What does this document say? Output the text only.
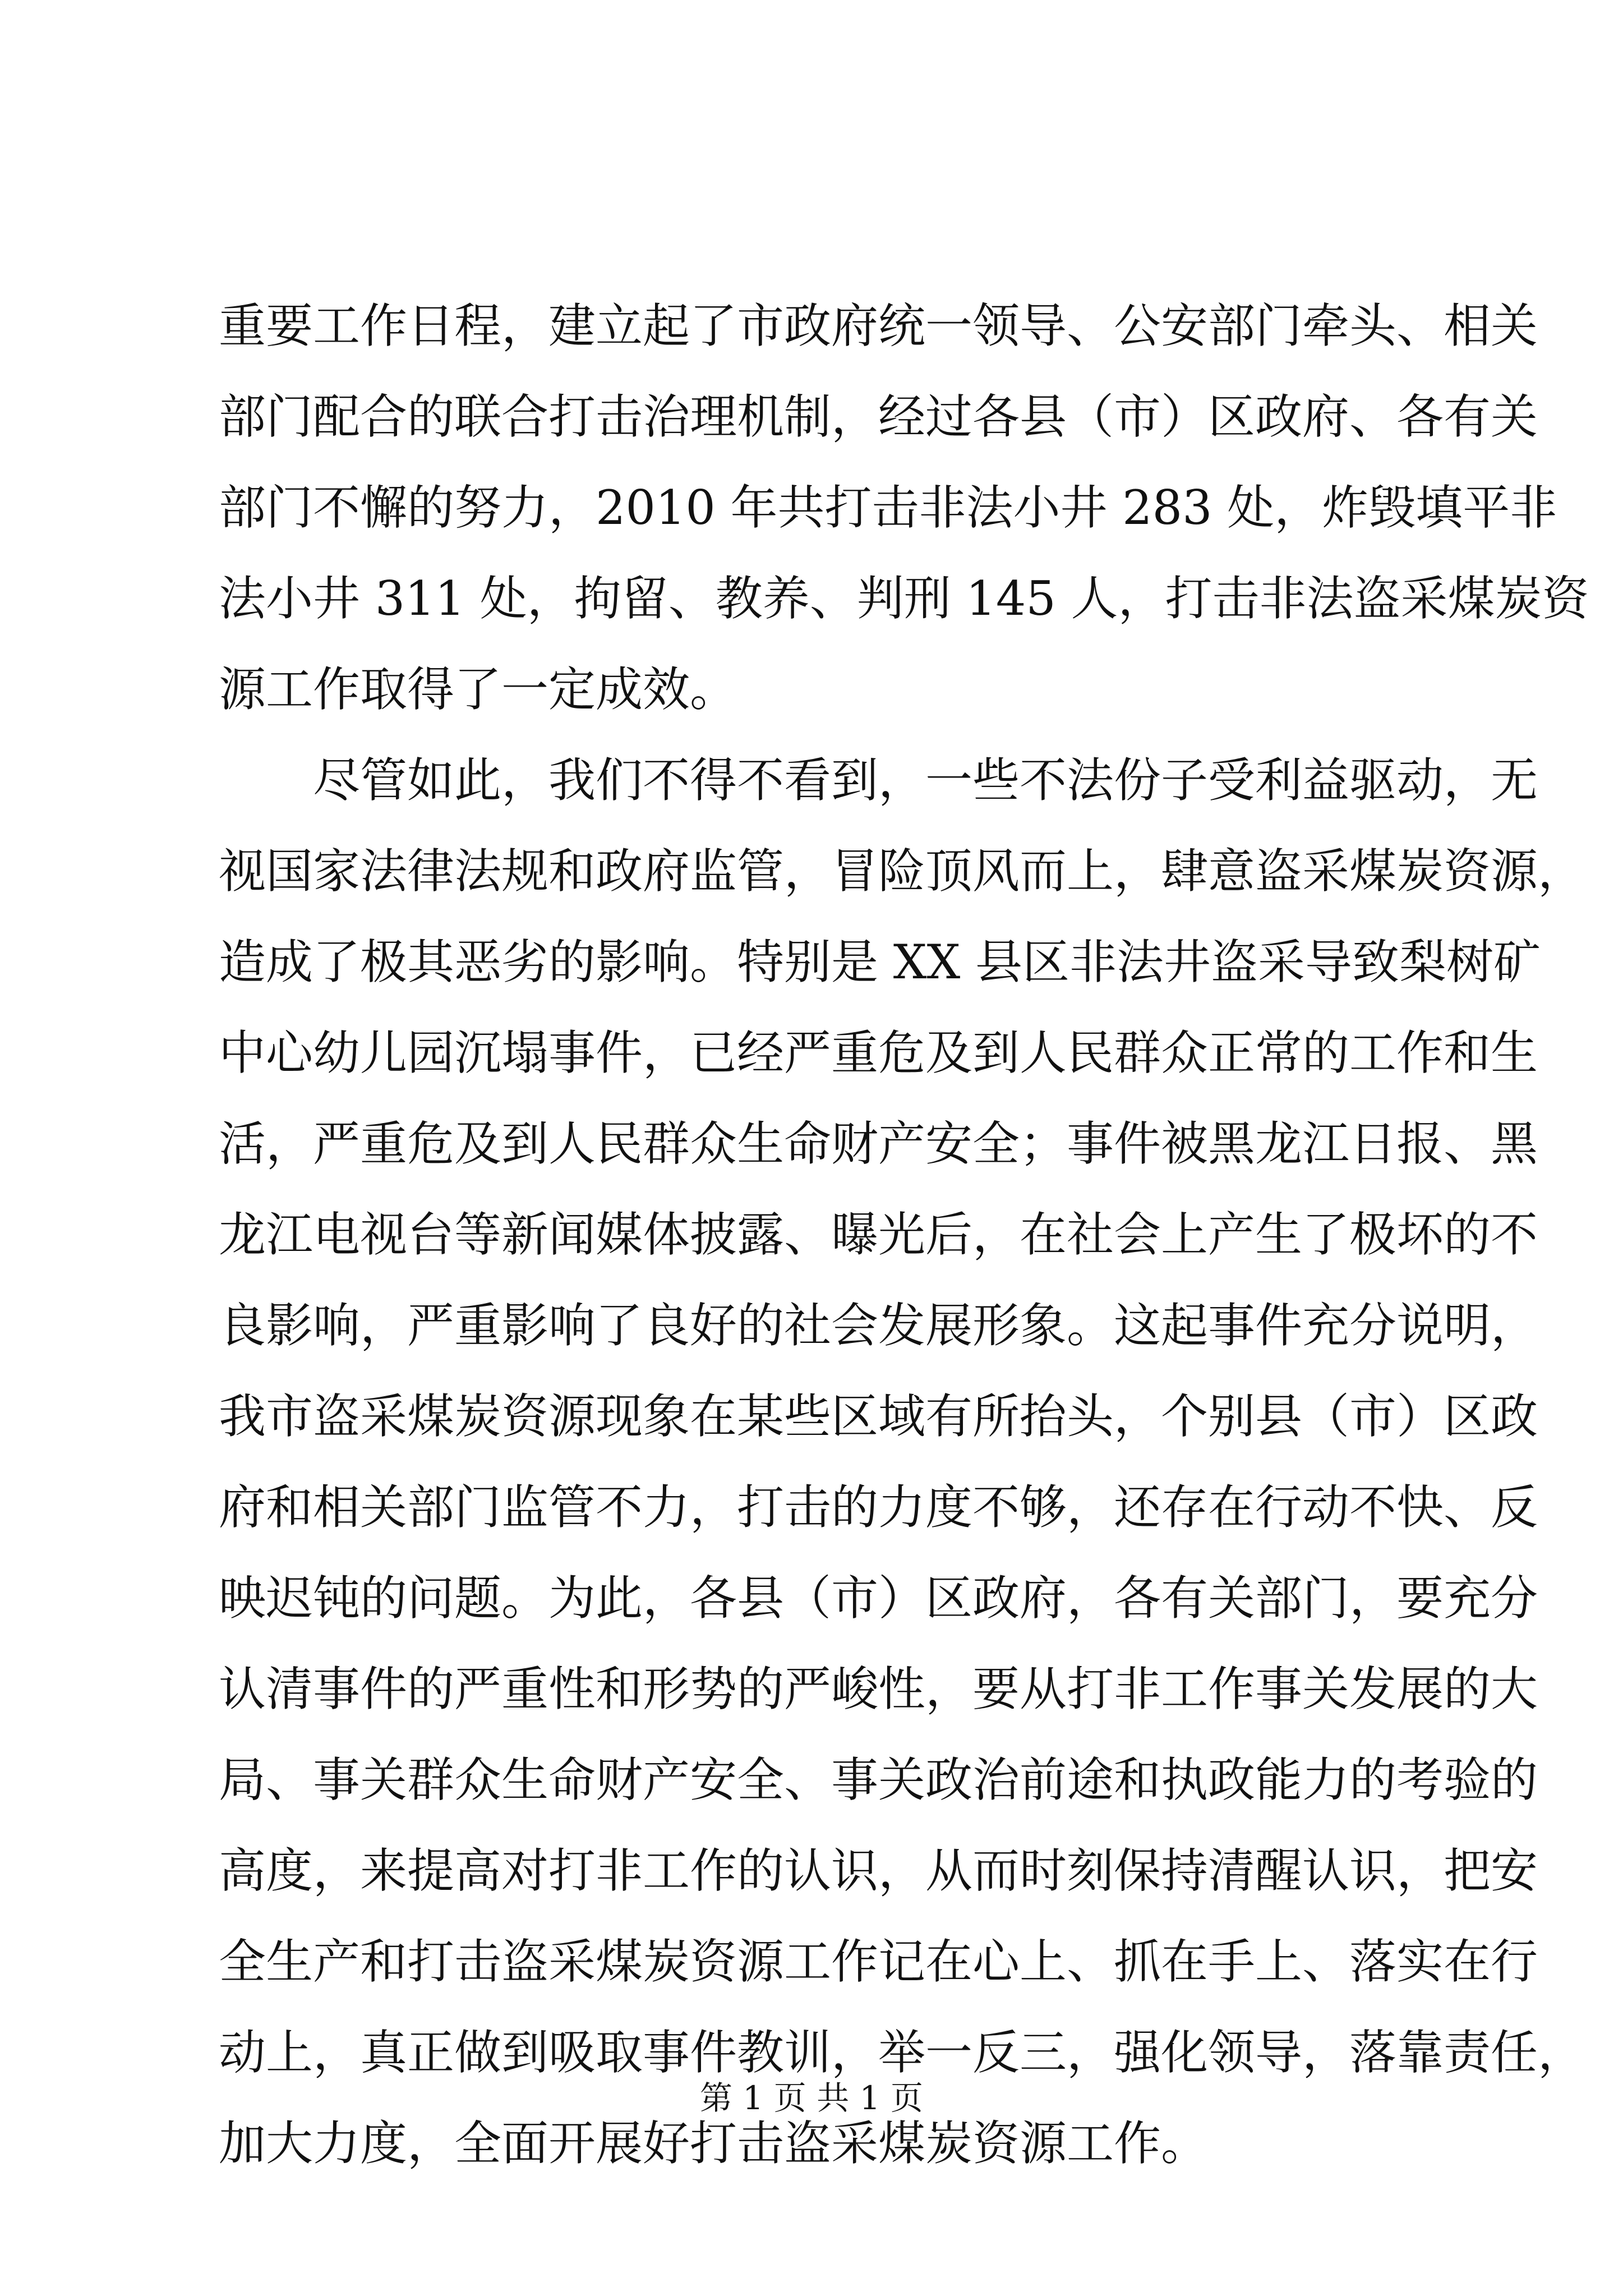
重要工作日程，建立起了市政府统一领导、公安部门牵头、相关
部门配合的联合打击治理机制，经过各县（市）区政府、各有关
部门不懈的努力，2010 年共打击非法小井 283 处，炸毁填平非
法小井 311 处，拘留、教养、判刑 145 人，打击非法盗采煤炭资
源工作取得了一定成效。
尽管如此，我们不得不看到，一些不法份子受利益驱动，无
视国家法律法规和政府监管，冒险顶风而上，肆意盗采煤炭资源，
造成了极其恶劣的影响。特别是 XX 县区非法井盗采导致梨树矿
中心幼儿园沉塌事件，已经严重危及到人民群众正常的工作和生
活，严重危及到人民群众生命财产安全；事件被黑龙江日报、黑
龙江电视台等新闻媒体披露、曝光后，在社会上产生了极坏的不
良影响，严重影响了良好的社会发展形象。这起事件充分说明，
我市盗采煤炭资源现象在某些区域有所抬头，个别县（市）区政
府和相关部门监管不力，打击的力度不够，还存在行动不快、反
映迟钝的问题。为此，各县（市）区政府，各有关部门，要充分
认清事件的严重性和形势的严峻性，要从打非工作事关发展的大
局、事关群众生命财产安全、事关政治前途和执政能力的考验的
高度，来提高对打非工作的认识，从而时刻保持清醒认识，把安
全生产和打击盗采煤炭资源工作记在心上、抓在手上、落实在行
动上，真正做到吸取事件教训，举一反三，强化领导，落靠责任，
加大力度，全面开展好打击盗采煤炭资源工作。
第 1 页 共 1 页
